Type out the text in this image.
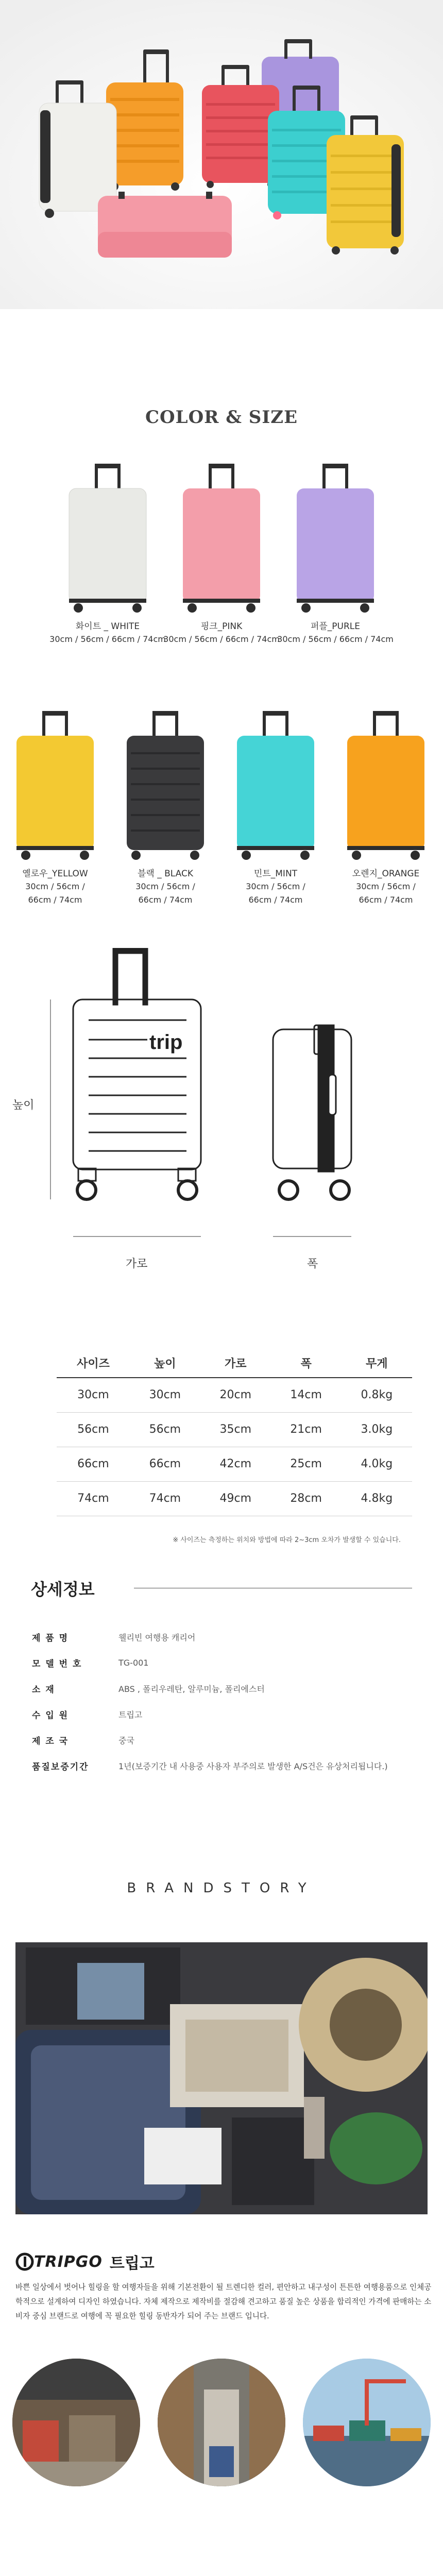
COLOR & SIZE
화이트 _ WHITE
30cm / 56cm / 66cm / 74cm
핑크_PINK
30cm / 56cm / 66cm / 74cm
퍼플_PURLE
30cm / 56cm / 66cm / 74cm
옐로우_YELLOW
30cm / 56cm /
66cm / 74cm
블랙 _ BLACK
30cm / 56cm /
66cm / 74cm
민트_MINT
30cm / 56cm /
66cm / 74cm
오렌지_ORANGE
30cm / 56cm /
66cm / 74cm
trip
높이
가로	폭
사이즈	높이	가로	폭	무게
30cm	30cm	20cm	14cm	0.8kg
56cm	56cm	35cm	21cm	3.0kg
66cm	66cm	42cm	25cm	4.0kg
74cm	74cm	49cm	28cm	4.8kg
※ 사이즈는 측정하는 위치와 방법에 따라 2~3cm 오차가 발생할 수 있습니다.
상세정보
제 품 명	웰리빈 여행용 캐리어
모 델 번 호	TG-001
소 재	ABS , 폴리우레탄, 알루미늄, 폴리에스터
수 입 원	트립고
제 조 국	중국
품질보증기간	1년(보증기간 내 사용중 사용자 부주의로 발생한 A/S건은 유상처리됩니다.)
BRANDSTORY
TRIPGO 트립고

바쁜 일상에서 벗어나 힐링을 할 여행자들을 위해 기본전환이 될 트렌디한 컬러, 편안하고 내구성이 튼튼한 여행용품으로 인체공학적으로 설계하여 디자인 하였습니다. 자체 제작으로 제작비를 절감해 견고하고 품질 높은 상품을 합리적인 가격에 판매하는 소비자 중심 브랜드로 여행에 꼭 필요한 힐링 동반자가 되어 주는 브랜드 입니다.
